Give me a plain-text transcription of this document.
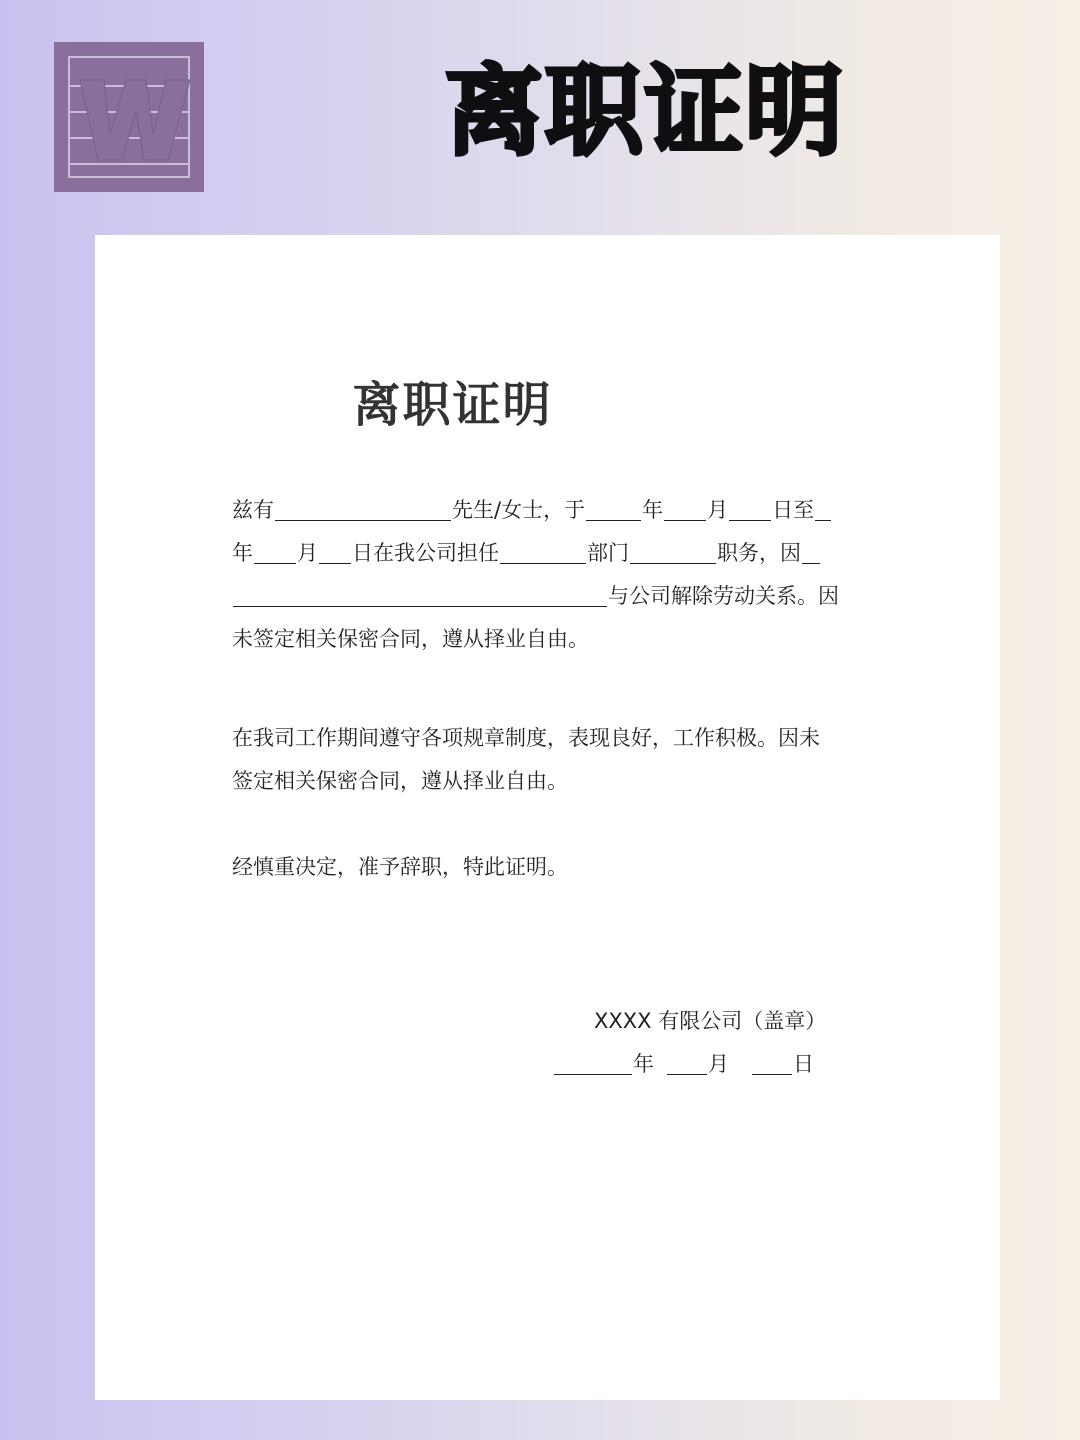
离职证明
离职证明
兹有	先生/女士，于	年 月 日至
年 月 日在我公司担任	部门	职务，因
与公司解除劳动关系。因
未签定相关保密合同，遵从择业自由。
在我司工作期间遵守各项规章制度，表现良好，工作积极。因未
签定相关保密合同，遵从择业自由。
经慎重决定，准予辞职，特此证明。
XXXX 有限公司（盖章）
年	月	日
